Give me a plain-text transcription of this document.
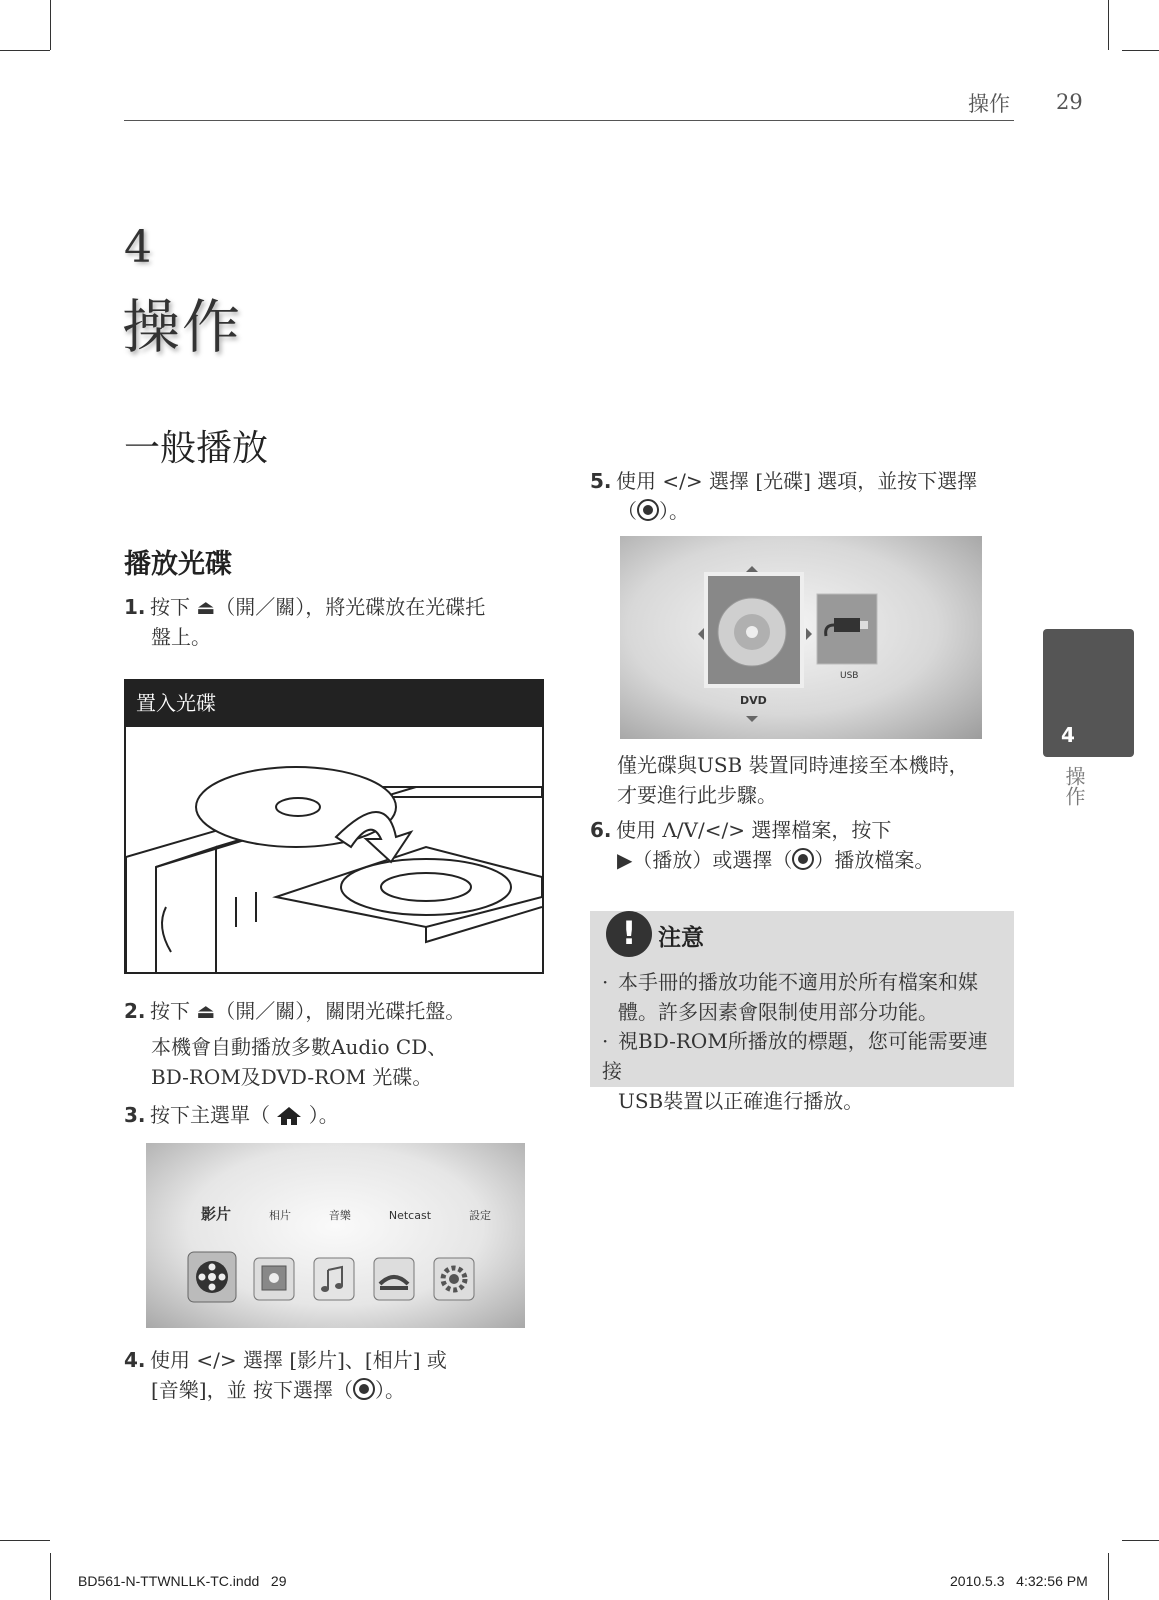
操作 29
4
操作
一般播放
播放光碟
1. 按下 ⏏（開／關），將光碟放在光碟托
盤上。
置入光碟
2. 按下 ⏏（開／關），關閉光碟托盤。
本機會自動播放多數Audio CD、
BD-ROM及DVD-ROM 光碟。
3. 按下主選單（ ）。
影片	相片	音樂	Netcast	設定
4. 使用 </> 選擇 [影片]、[相片] 或
[音樂]，並 按下選擇（ ）。
5. 使用 </> 選擇 [光碟] 選項，並按下選擇
（ ）。
DVD
USB
僅光碟與USB 裝置同時連接至本機時，
才要進行此步驟。
6. 使用 Λ/V/</> 選擇檔案，按下
▶（播放）或選擇（ ）播放檔案。
! 注意
· 本手冊的播放功能不適用於所有檔案和媒
體。許多因素會限制使用部分功能。
· 視BD-ROM所播放的標題，您可能需要連接
USB裝置以正確進行播放。
4
操作
BD561-N-TTWNLLK-TC.indd   29	2010.5.3   4:32:56 PM
